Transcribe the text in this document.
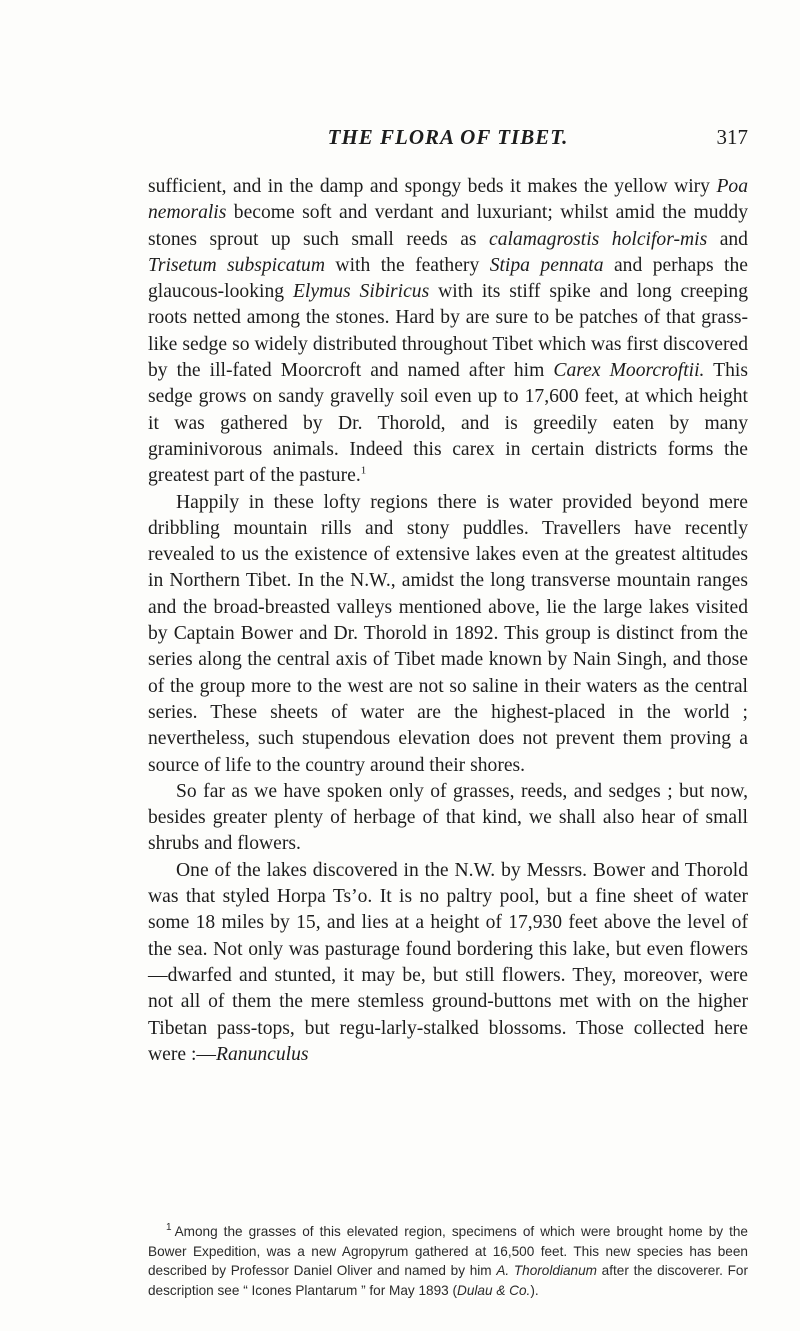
THE FLORA OF TIBET.	317

sufficient, and in the damp and spongy beds it makes the yellow wiry Poa nemoralis become soft and verdant and luxuriant; whilst amid the muddy stones sprout up such small reeds as calamagrostis holcifor-mis and Trisetum subspicatum with the feathery Stipa pennata and perhaps the glaucous-looking Elymus Sibiricus with its stiff spike and long creeping roots netted among the stones. Hard by are sure to be patches of that grass-like sedge so widely distributed throughout Tibet which was first discovered by the ill-fated Moorcroft and named after him Carex Moorcroftii. This sedge grows on sandy gravelly soil even up to 17,600 feet, at which height it was gathered by Dr. Thorold, and is greedily eaten by many graminivorous animals. Indeed this carex in certain districts forms the greatest part of the pasture.$^1$

Happily in these lofty regions there is water provided beyond mere dribbling mountain rills and stony puddles. Travellers have recently revealed to us the existence of extensive lakes even at the greatest altitudes in Northern Tibet. In the N.W., amidst the long transverse mountain ranges and the broad-breasted valleys mentioned above, lie the large lakes visited by Captain Bower and Dr. Thorold in 1892. This group is distinct from the series along the central axis of Tibet made known by Nain Singh, and those of the group more to the west are not so saline in their waters as the central series. These sheets of water are the highest-placed in the world ; nevertheless, such stupendous elevation does not prevent them proving a source of life to the country around their shores.

So far as we have spoken only of grasses, reeds, and sedges ; but now, besides greater plenty of herbage of that kind, we shall also hear of small shrubs and flowers.

One of the lakes discovered in the N.W. by Messrs. Bower and Thorold was that styled Horpa Ts’o. It is no paltry pool, but a fine sheet of water some 18 miles by 15, and lies at a height of 17,930 feet above the level of the sea. Not only was pasturage found bordering this lake, but even flowers—dwarfed and stunted, it may be, but still flowers. They, moreover, were not all of them the mere stemless ground-buttons met with on the higher Tibetan pass-tops, but regu-larly-stalked blossoms. Those collected here were :—Ranunculus

$^1$ Among the grasses of this elevated region, specimens of which were brought home by the Bower Expedition, was a new Agropyrum gathered at 16,500 feet. This new species has been described by Professor Daniel Oliver and named by him A. Thoroldianum after the discoverer. For description see “ Icones Plantarum ” for May 1893 (Dulau & Co.).
